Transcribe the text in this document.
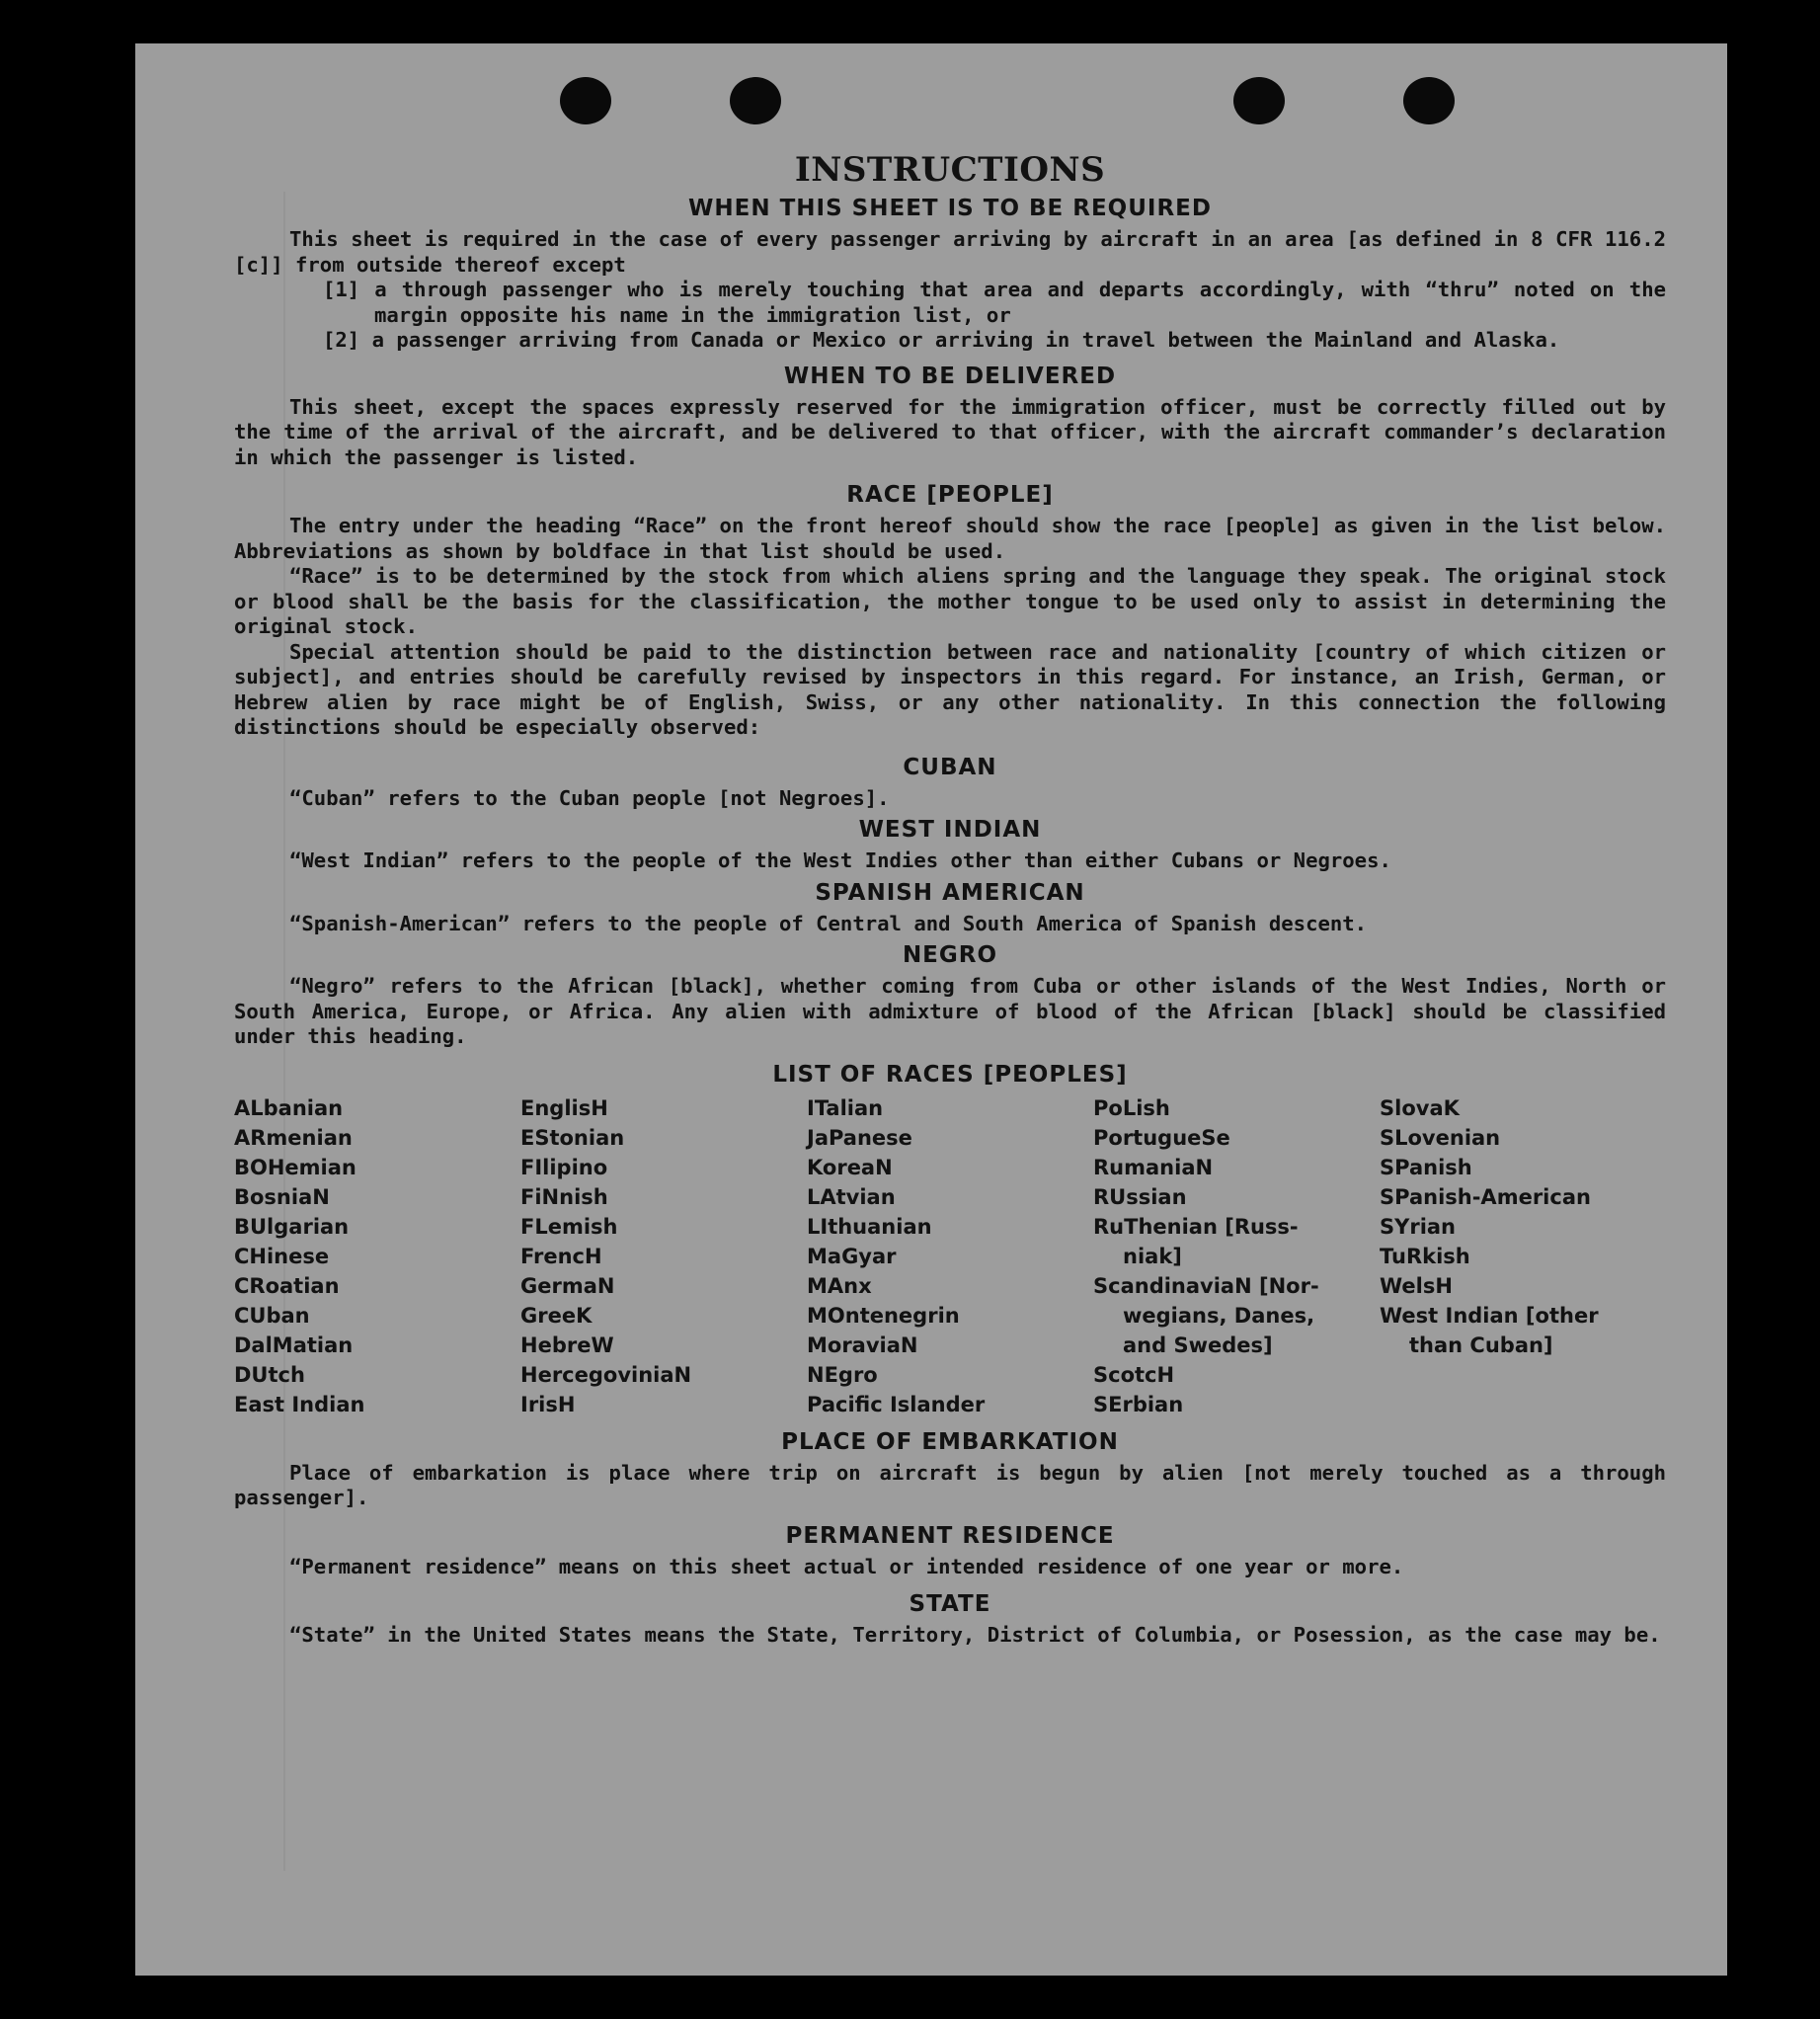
INSTRUCTIONS
WHEN THIS SHEET IS TO BE REQUIRED

This sheet is required in the case of every passenger arriving by aircraft in an area [as defined in 8 CFR 116.2 [c]] from outside thereof except

[1] a through passenger who is merely touching that area and departs accordingly, with “thru” noted on the margin opposite his name in the immigration list, or

[2] a passenger arriving from Canada or Mexico or arriving in travel between the Mainland and Alaska.

WHEN TO BE DELIVERED

This sheet, except the spaces expressly reserved for the immigration officer, must be correctly filled out by the time of the arrival of the aircraft, and be delivered to that officer, with the aircraft commander’s declaration in which the passenger is listed.

RACE [PEOPLE]

The entry under the heading “Race” on the front hereof should show the race [people] as given in the list below. Abbreviations as shown by boldface in that list should be used.

“Race” is to be determined by the stock from which aliens spring and the language they speak. The original stock or blood shall be the basis for the classification, the mother tongue to be used only to assist in determining the original stock.

Special attention should be paid to the distinction between race and nationality [country of which citizen or subject], and entries should be carefully revised by inspectors in this regard. For instance, an Irish, German, or Hebrew alien by race might be of English, Swiss, or any other nationality. In this connection the following distinctions should be especially observed:

CUBAN

“Cuban” refers to the Cuban people [not Negroes].

WEST INDIAN

“West Indian” refers to the people of the West Indies other than either Cubans or Negroes.

SPANISH AMERICAN

“Spanish-American” refers to the people of Central and South America of Spanish descent.

NEGRO

“Negro” refers to the African [black], whether coming from Cuba or other islands of the West Indies, North or South America, Europe, or Africa. Any alien with admixture of blood of the African [black] should be classified under this heading.

LIST OF RACES [PEOPLES]
ALbanian
ARmenian
BOHemian
BosniaN
BUlgarian
CHinese
CRoatian
CUban
DalMatian
DUtch
East Indian
EnglisH
EStonian
FIlipino
FiNnish
FLemish
FrencH
GermaN
GreeK
HebreW
HercegoviniaN
IrisH
ITalian
JaPanese
KoreaN
LAtvian
LIthuanian
MaGyar
MAnx
MOntenegrin
MoraviaN
NEgro
Pacific Islander
PoLish
PortugueSe
RumaniaN
RUssian
RuThenian [Russ-
niak]
ScandinaviaN [Nor-
wegians, Danes,
and Swedes]
ScotcH
SErbian
SlovaK
SLovenian
SPanish
SPanish-American
SYrian
TuRkish
WelsH
West Indian [other
than Cuban]
PLACE OF EMBARKATION

Place of embarkation is place where trip on aircraft is begun by alien [not merely touched as a through passenger].

PERMANENT RESIDENCE

“Permanent residence” means on this sheet actual or intended residence of one year or more.

STATE

“State” in the United States means the State, Territory, District of Columbia, or Posession, as the case may be.
